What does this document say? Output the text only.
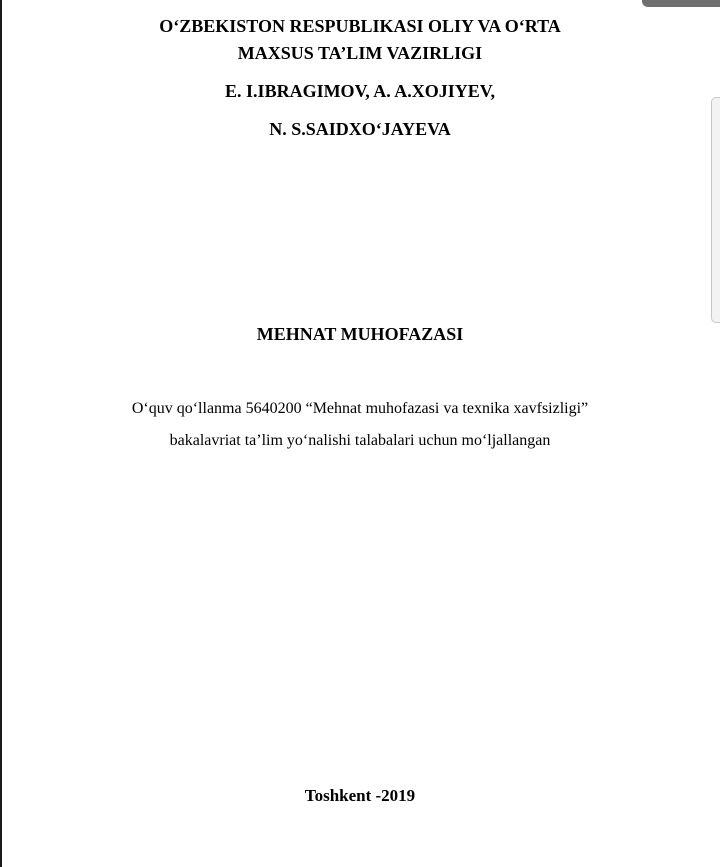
O‘ZBEKISTON RESPUBLIKASI OLIY VA O‘RTA
MAXSUS TA’LIM VAZIRLIGI
E. I.IBRAGIMOV, A. A.XOJIYEV,
N. S.SAIDXO‘JAYEVA
MEHNAT MUHOFAZASI
O‘quv qo‘llanma 5640200 “Mehnat muhofazasi va texnika xavfsizligi”
bakalavriat ta’lim yo‘nalishi talabalari uchun mo‘ljallangan
Toshkent -2019
